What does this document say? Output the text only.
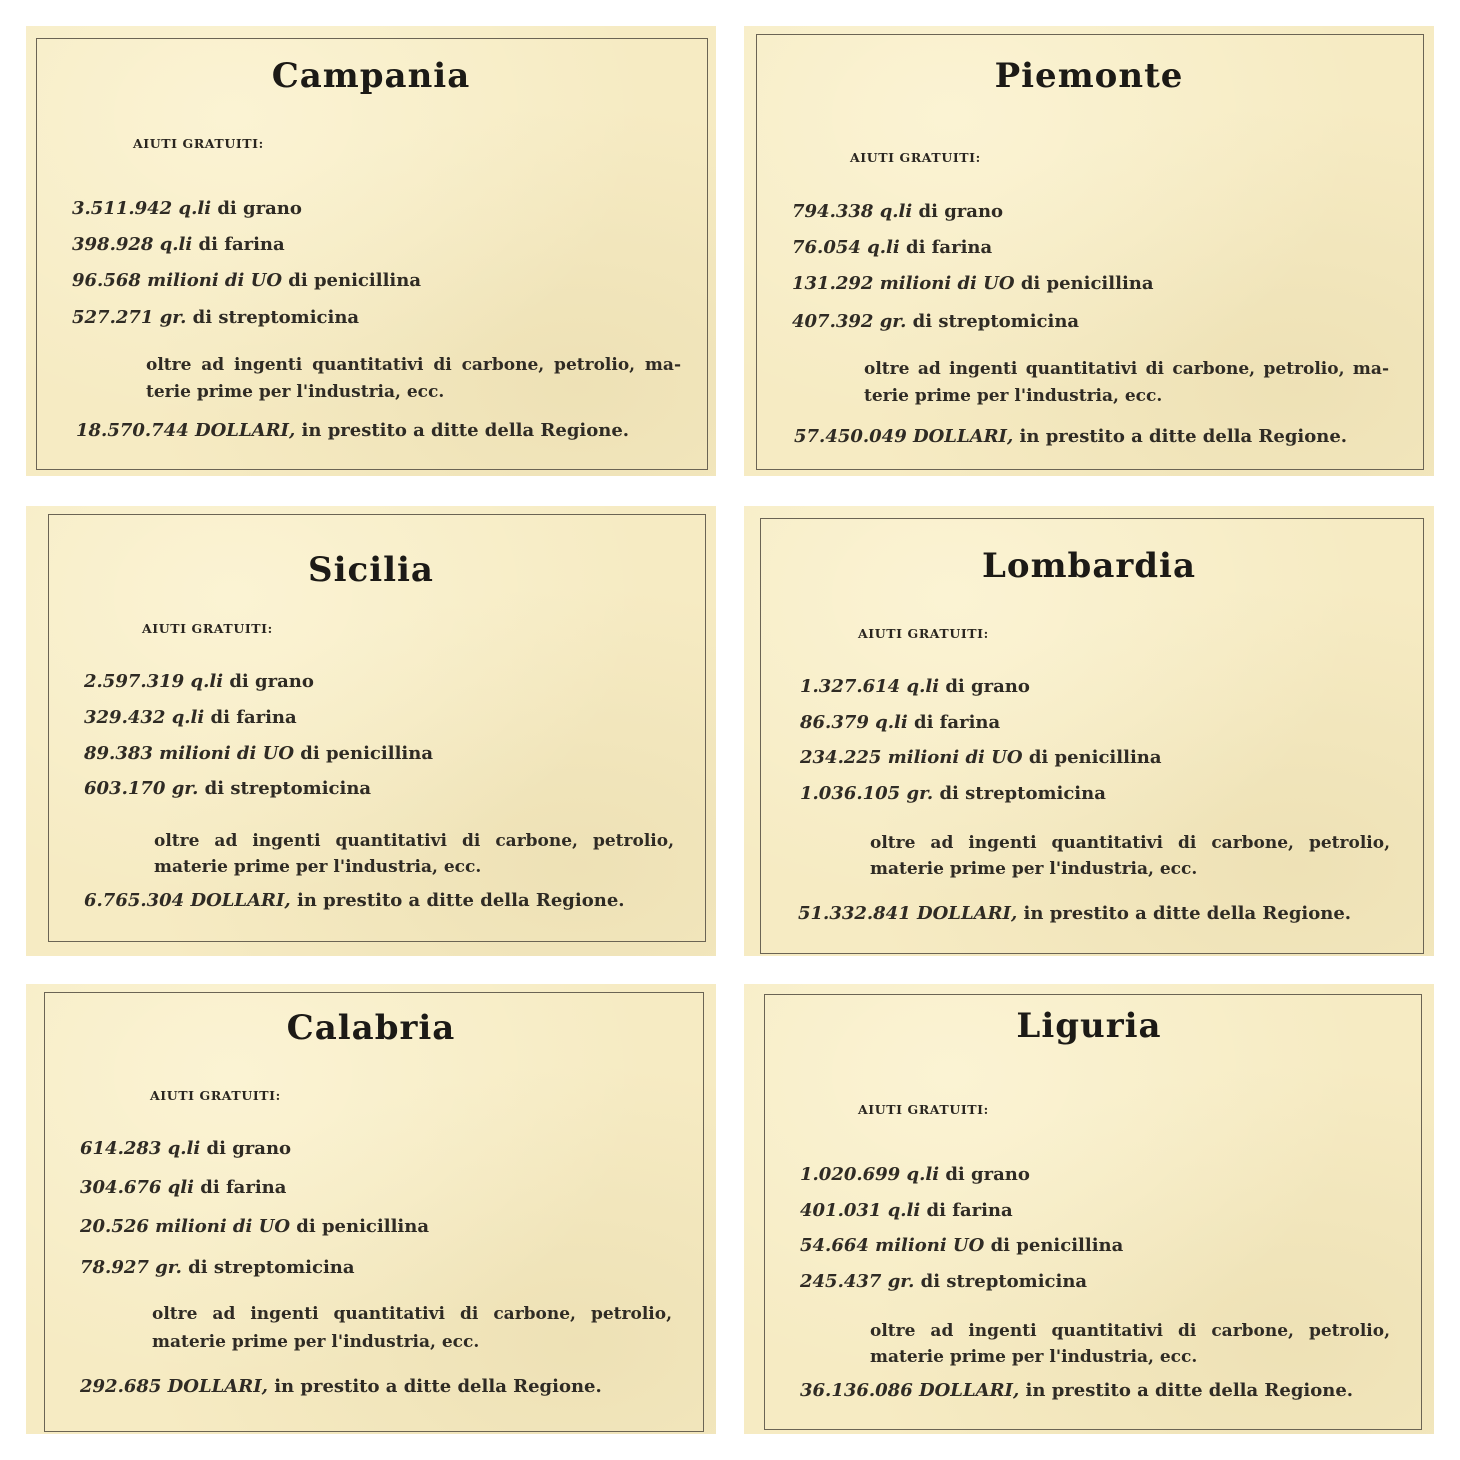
Campania

AIUTI GRATUITI:

3.511.942 q.li di grano

398.928 q.li di farina

96.568 milioni di UO di penicillina

527.271 gr. di streptomicina

oltre ad ingenti quantitativi di carbone, petrolio, materie prime per l'industria, ecc.

18.570.744 DOLLARI, in prestito a ditte della Regione.

Piemonte

AIUTI GRATUITI:

794.338 q.li di grano

76.054 q.li di farina

131.292 milioni di UO di penicillina

407.392 gr. di streptomicina

oltre ad ingenti quantitativi di carbone, petrolio, materie prime per l'industria, ecc.

57.450.049 DOLLARI, in prestito a ditte della Regione.

Sicilia

AIUTI GRATUITI:

2.597.319 q.li di grano

329.432 q.li di farina

89.383 milioni di UO di penicillina

603.170 gr. di streptomicina

oltre ad ingenti quantitativi di carbone, petrolio, materie prime per l'industria, ecc.

6.765.304 DOLLARI, in prestito a ditte della Regione.

Lombardia

AIUTI GRATUITI:

1.327.614 q.li di grano

86.379 q.li di farina

234.225 milioni di UO di penicillina

1.036.105 gr. di streptomicina

oltre ad ingenti quantitativi di carbone, petrolio, materie prime per l'industria, ecc.

51.332.841 DOLLARI, in prestito a ditte della Regione.

Calabria

AIUTI GRATUITI:

614.283 q.li di grano

304.676 qli di farina

20.526 milioni di UO di penicillina

78.927 gr. di streptomicina

oltre ad ingenti quantitativi di carbone, petrolio, materie prime per l'industria, ecc.

292.685 DOLLARI, in prestito a ditte della Regione.

Liguria

AIUTI GRATUITI:

1.020.699 q.li di grano

401.031 q.li di farina

54.664 milioni UO di penicillina

245.437 gr. di streptomicina

oltre ad ingenti quantitativi di carbone, petrolio, materie prime per l'industria, ecc.

36.136.086 DOLLARI, in prestito a ditte della Regione.
